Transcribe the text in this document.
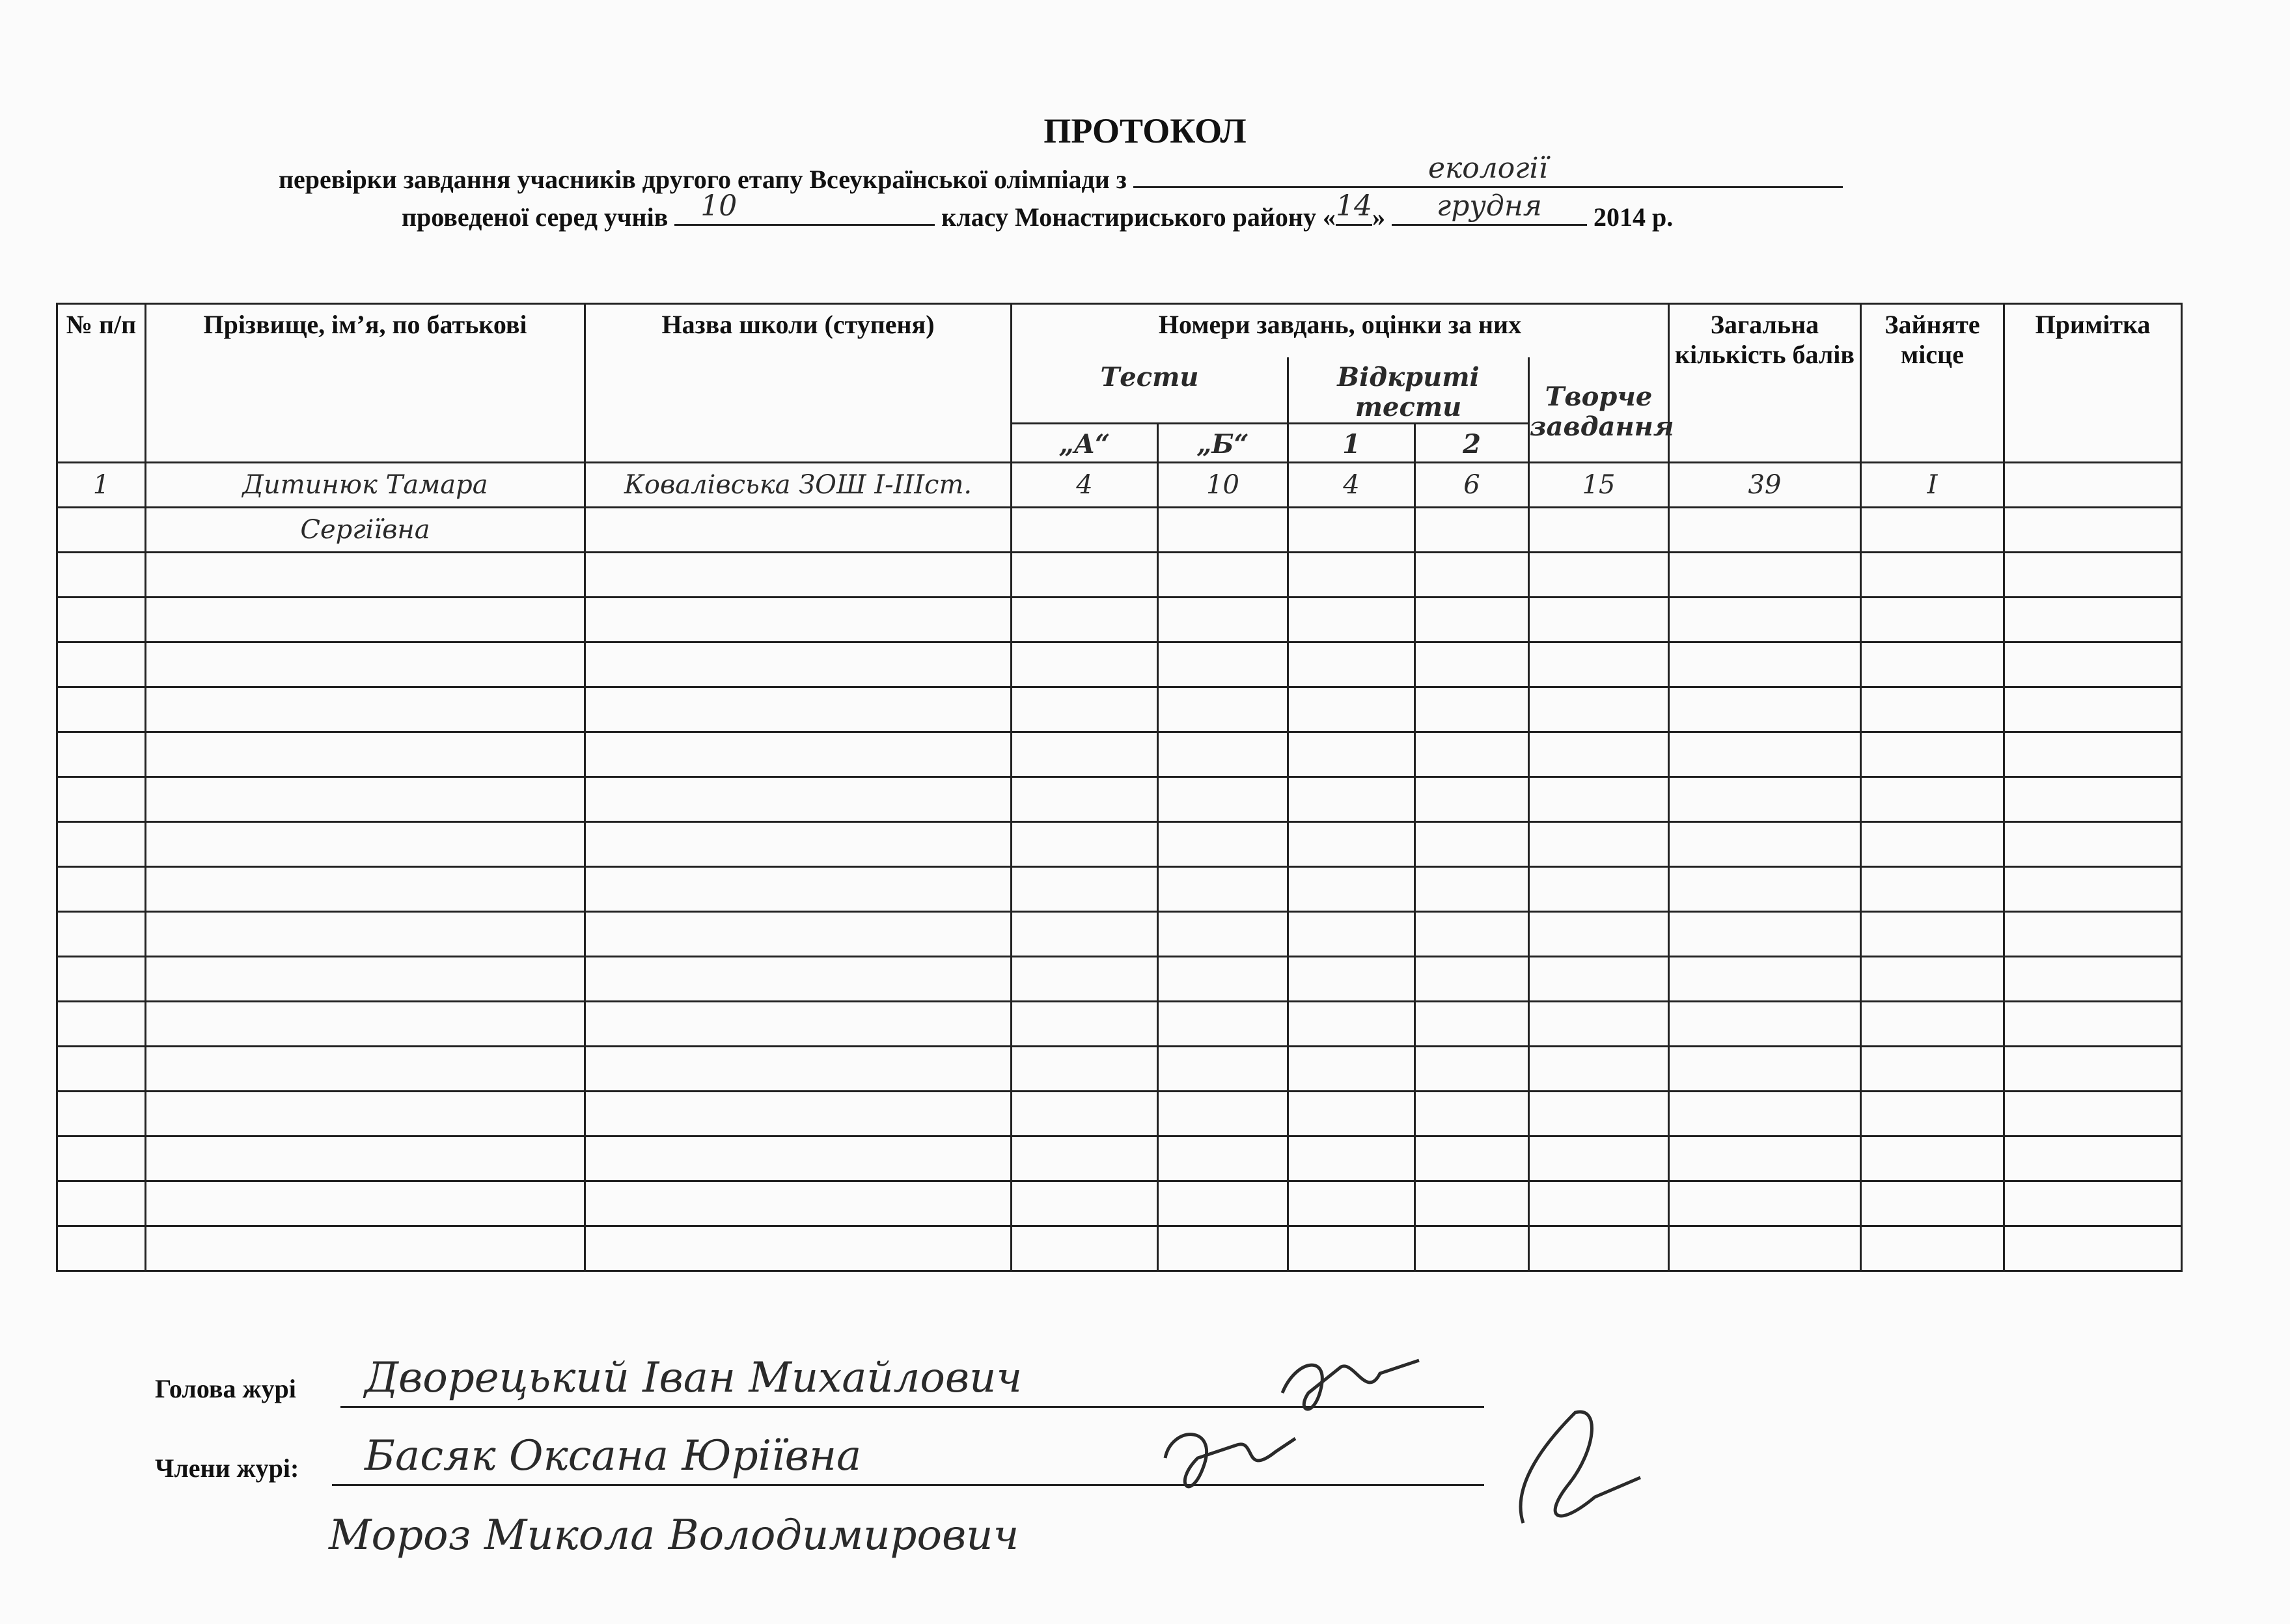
ПРОТОКОЛ
перевірки завдання учасників другого етапу Всеукраїнської олімпіади з	екології
проведеної серед учнів	10	класу Монастириського району « 14 »	грудня	2014 р.
№ п/п	Прізвище, ім’я, по батькові	Назва школи (ступеня)	Номери завдань, оцінки за них					Загальна кількість балів	Зайняте місце	Примітка
			Тести		Відкриті тести		Творче завдання			
			„А“	„Б“	1	2				
1	Дитинюк Тамара	Ковалівська ЗОШ І-ІІІст.	4	10	4	6	15	39	І	
	Сергіївна									

Голова журі Дворецький Іван Михайлович
Члени журі: Басяк Оксана Юріївна
Мороз Микола Володимирович
